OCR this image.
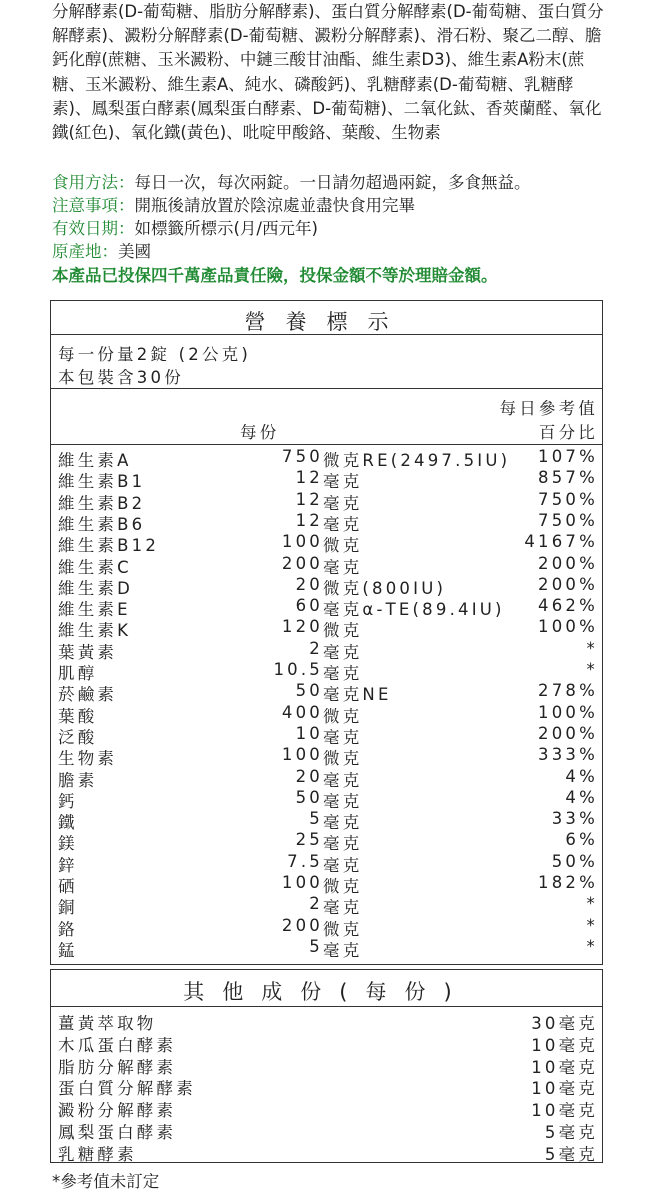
分解酵素(D-葡萄糖、脂肪分解酵素)、蛋白質分解酵素(D-葡萄糖、蛋白質分解酵素)、澱粉分解酵素(D-葡萄糖、澱粉分解酵素)、滑石粉、聚乙二醇、膽鈣化醇(蔗糖、玉米澱粉、中鏈三酸甘油酯、維生素D3)、維生素A粉末(蔗糖、玉米澱粉、維生素A、純水、磷酸鈣)、乳糖酵素(D-葡萄糖、乳糖酵素)、鳳梨蛋白酵素(鳳梨蛋白酵素、D-葡萄糖)、二氧化鈦、香莢蘭醛、氧化鐵(紅色)、氧化鐵(黃色)、吡啶甲酸鉻、葉酸、生物素
食用方法：每日一次，每次兩錠。一日請勿超過兩錠，多食無益。
注意事項：開瓶後請放置於陰涼處並盡快食用完畢
有效日期：如標籤所標示(月/西元年)
原產地：美國
本產品已投保四千萬產品責任險，投保金額不等於理賠金額。
營養標示
每一份量2錠 (2公克)
本包裝含30份
每日參考值
每份	百分比
維生素A	750 微克RE(2497.5IU) 107%
維生素B1	12 毫克	857%
維生素B2	12 毫克	750%
維生素B6	12 毫克	750%
維生素B12	100 微克	4167%
維生素C	200 毫克	200%
維生素D	20 微克(800IU)	200%
維生素E	60 毫克α-TE(89.4IU) 462%
維生素K	120 微克	100%
葉黃素	2 毫克	*
肌醇	10.5 毫克	*
菸鹼素	50 毫克NE	278%
葉酸	400 微克	100%
泛酸	10 毫克	200%
生物素	100 微克	333%
膽素	20 毫克	4%
鈣	50 毫克	4%
鐵	5 毫克	33%
鎂	25 毫克	6%
鋅	7.5 毫克	50%
硒	100 微克	182%
銅	2 毫克	*
鉻	200 微克	*
錳	5 毫克	*
其他成份(每份)
薑黃萃取物	30毫克
木瓜蛋白酵素	10毫克
脂肪分解酵素	10毫克
蛋白質分解酵素	10毫克
澱粉分解酵素	10毫克
鳳梨蛋白酵素	5毫克
乳糖酵素	5毫克
*參考值未訂定
